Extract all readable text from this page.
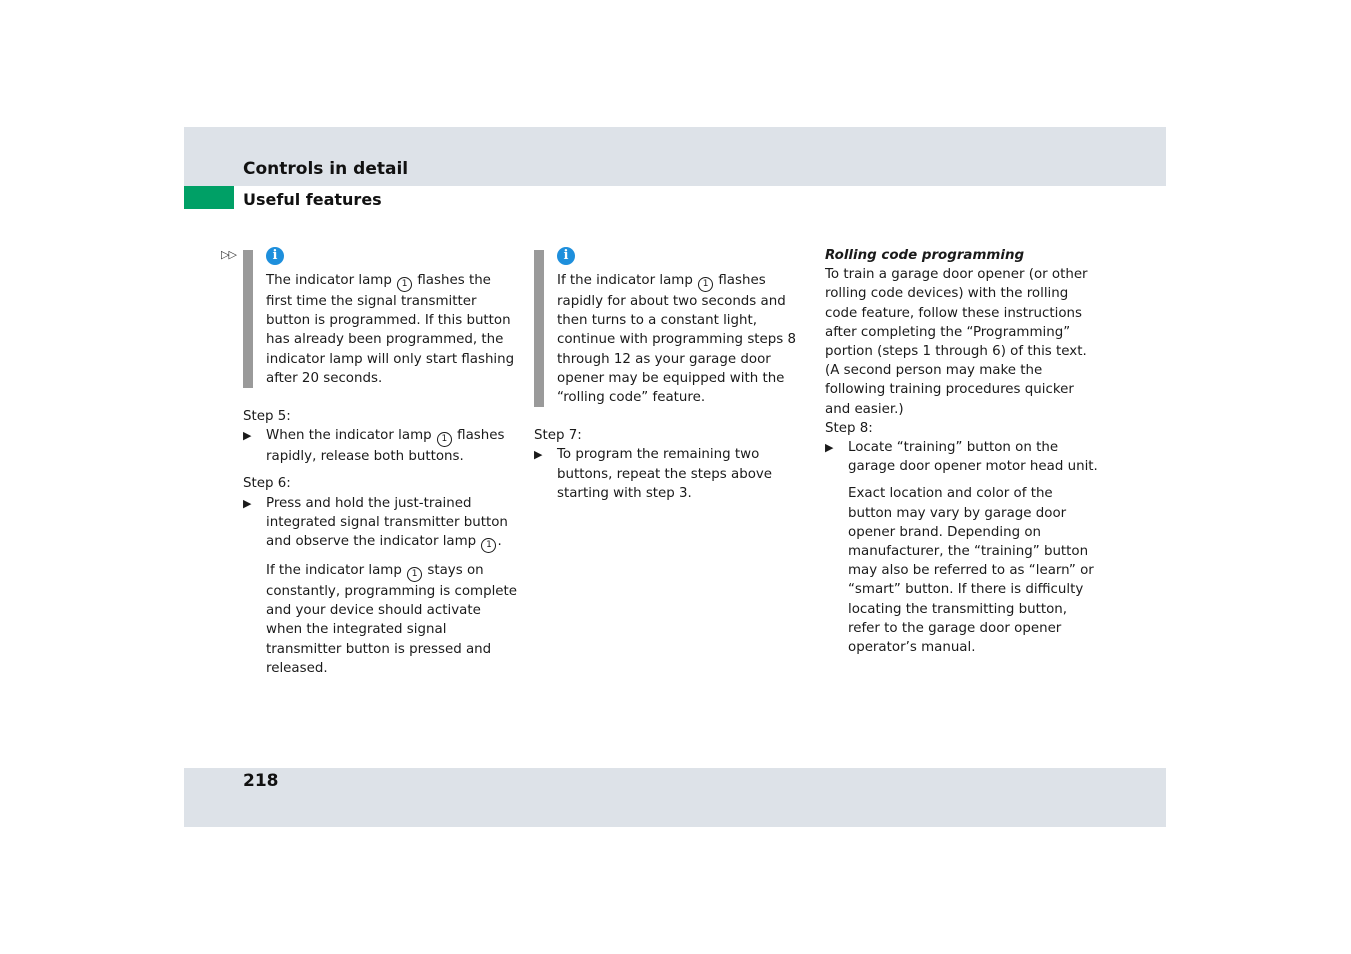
Controls in detail
Useful features
▷▷	i

The indicator lamp 1 flashes the first time the signal transmitter button is programmed. If this button has already been programmed, the indicator lamp will only start flashing after 20 seconds.

Step 5:

▶ When the indicator lamp 1 flashes rapidly, release both buttons.

Step 6:

▶ Press and hold the just-trained integrated signal transmitter button and observe the indicator lamp 1 .

If the indicator lamp 1 stays on constantly, programming is complete and your device should activate when the integrated signal transmitter button is pressed and released.

i

If the indicator lamp 1 flashes rapidly for about two seconds and then turns to a constant light, continue with programming steps 8 through 12 as your garage door opener may be equipped with the “rolling code” feature.

Step 7:

▶ To program the remaining two buttons, repeat the steps above starting with step 3.

Rolling code programming

To train a garage door opener (or other rolling code devices) with the rolling code feature, follow these instructions after completing the “Programming” portion (steps 1 through 6) of this text. (A second person may make the following training procedures quicker and easier.)

Step 8:

▶ Locate “training” button on the garage door opener motor head unit.

Exact location and color of the button may vary by garage door opener brand. Depending on manufacturer, the “training” button may also be referred to as “learn” or “smart” button. If there is difficulty locating the transmitting button, refer to the garage door opener operator’s manual.

218
